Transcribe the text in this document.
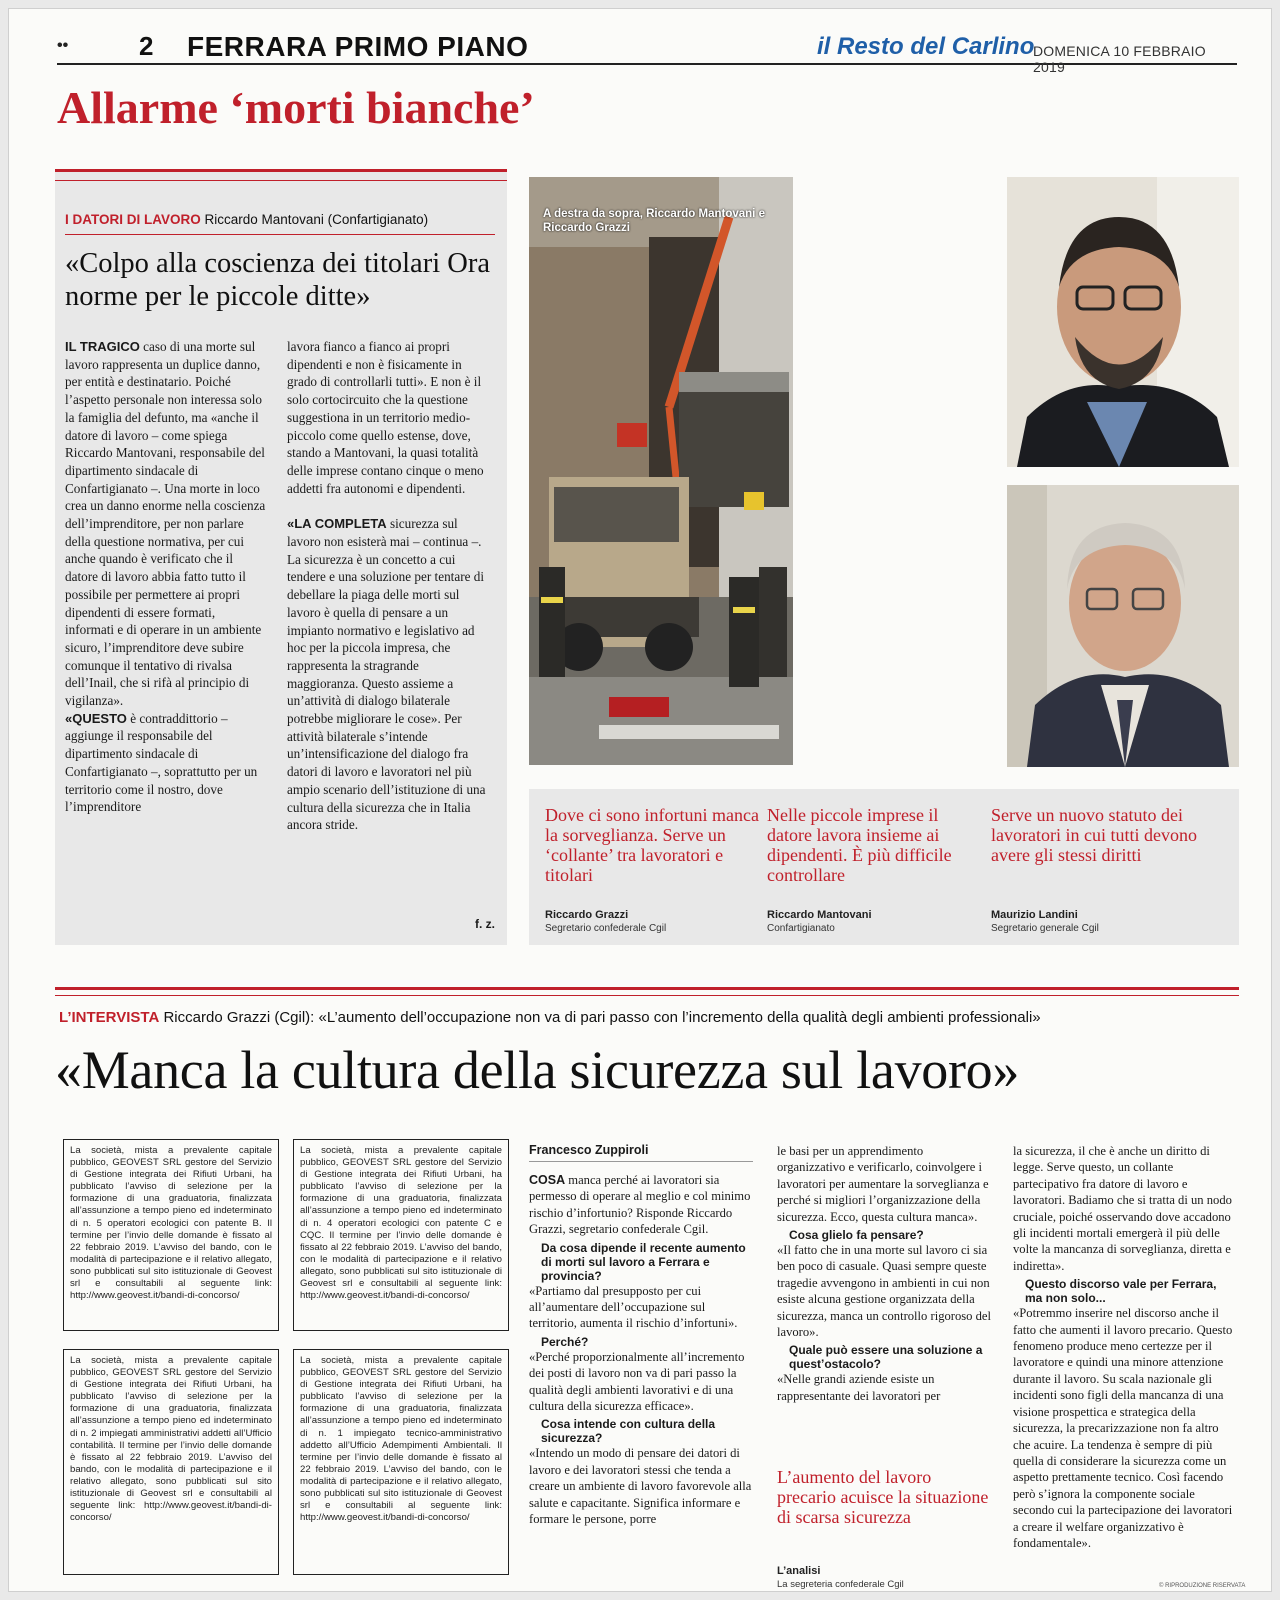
••	2 FERRARA PRIMO PIANO	il Resto del Carlino
DOMENICA 10 FEBBRAIO 2019
Allarme ‘morti bianche’
I DATORI DI LAVORO Riccardo Mantovani (Confartigianato)
«Colpo alla coscienza dei titolari Ora norme per le piccole ditte»

IL TRAGICO caso di una morte sul lavoro rappresenta un duplice danno, per entità e destinatario. Poiché l’aspetto personale non interessa solo la famiglia del defunto, ma «anche il datore di lavoro – come spiega Riccardo Mantovani, responsabile del dipartimento sindacale di Confartigianato –. Una morte in loco crea un danno enorme nella coscienza dell’imprenditore, per non parlare della questione normativa, per cui anche quando è verificato che il datore di lavoro abbia fatto tutto il possibile per permettere ai propri dipendenti di essere formati, informati e di operare in un ambiente sicuro, l’imprenditore deve subire comunque il tentativo di rivalsa dell’Inail, che si rifà al principio di vigilanza».

«QUESTO è contraddittorio – aggiunge il responsabile del dipartimento sindacale di Confartigianato –, soprattutto per un territorio come il nostro, dove l’imprenditore

lavora fianco a fianco ai propri dipendenti e non è fisicamente in grado di controllarli tutti». E non è il solo cortocircuito che la questione suggestiona in un territorio medio-piccolo come quello estense, dove, stando a Mantovani, la quasi totalità delle imprese contano cinque o meno addetti fra autonomi e dipendenti.

«LA COMPLETA sicurezza sul lavoro non esisterà mai – continua –. La sicurezza è un concetto a cui tendere e una soluzione per tentare di debellare la piaga delle morti sul lavoro è quella di pensare a un impianto normativo e legislativo ad hoc per la piccola impresa, che rappresenta la stragrande maggioranza. Questo assieme a un’attività di dialogo bilaterale potrebbe migliorare le cose». Per attività bilaterale s’intende un’intensificazione del dialogo fra datori di lavoro e lavoratori nel più ampio scenario dell’istituzione di una cultura della sicurezza che in Italia ancora stride.

f. z.
A destra da sopra, Riccardo Mantovani e Riccardo Grazzi
Dove ci sono infortuni manca la sorveglianza. Serve un ‘collante’ tra lavoratori e titolari
Riccardo Grazzi
Segretario confederale Cgil
Nelle piccole imprese il datore lavora insieme ai dipendenti. È più difficile controllare
Riccardo Mantovani
Confartigianato
Serve un nuovo statuto dei lavoratori in cui tutti devono avere gli stessi diritti
Maurizio Landini
Segretario generale Cgil
L’INTERVISTA Riccardo Grazzi (Cgil): «L’aumento dell’occupazione non va di pari passo con l’incremento della qualità degli ambienti professionali»
«Manca la cultura della sicurezza sul lavoro»
La società, mista a prevalente capitale pubblico, GEOVEST SRL gestore del Servizio di Gestione integrata dei Rifiuti Urbani, ha pubblicato l’avviso di selezione per la formazione di una graduatoria, finalizzata all’assunzione a tempo pieno ed indeterminato di n. 5 operatori ecologici con patente B. Il termine per l’invio delle domande è fissato al 22 febbraio 2019. L’avviso del bando, con le modalità di partecipazione e il relativo allegato, sono pubblicati sul sito istituzionale di Geovest srl e consultabili al seguente link: http://www.geovest.it/bandi-di-concorso/
La società, mista a prevalente capitale pubblico, GEOVEST SRL gestore del Servizio di Gestione integrata dei Rifiuti Urbani, ha pubblicato l’avviso di selezione per la formazione di una graduatoria, finalizzata all’assunzione a tempo pieno ed indeterminato di n. 4 operatori ecologici con patente C e CQC. Il termine per l’invio delle domande è fissato al 22 febbraio 2019. L’avviso del bando, con le modalità di partecipazione e il relativo allegato, sono pubblicati sul sito istituzionale di Geovest srl e consultabili al seguente link: http://www.geovest.it/bandi-di-concorso/
La società, mista a prevalente capitale pubblico, GEOVEST SRL gestore del Servizio di Gestione integrata dei Rifiuti Urbani, ha pubblicato l’avviso di selezione per la formazione di una graduatoria, finalizzata all’assunzione a tempo pieno ed indeterminato di n. 2 impiegati amministrativi addetti all’Ufficio contabilità. Il termine per l’invio delle domande è fissato al 22 febbraio 2019. L’avviso del bando, con le modalità di partecipazione e il relativo allegato, sono pubblicati sul sito istituzionale di Geovest srl e consultabili al seguente link: http://www.geovest.it/bandi-di-concorso/
La società, mista a prevalente capitale pubblico, GEOVEST SRL gestore del Servizio di Gestione integrata dei Rifiuti Urbani, ha pubblicato l’avviso di selezione per la formazione di una graduatoria, finalizzata all’assunzione a tempo pieno ed indeterminato di n. 1 impiegato tecnico-amministrativo addetto all’Ufficio Adempimenti Ambientali. Il termine per l’invio delle domande è fissato al 22 febbraio 2019. L’avviso del bando, con le modalità di partecipazione e il relativo allegato, sono pubblicati sul sito istituzionale di Geovest srl e consultabili al seguente link: http://www.geovest.it/bandi-di-concorso/
Francesco Zuppiroli

COSA manca perché ai lavoratori sia permesso di operare al meglio e col minimo rischio d’infortunio? Risponde Riccardo Grazzi, segretario confederale Cgil.

Da cosa dipende il recente aumento di morti sul lavoro a Ferrara e provincia?

«Partiamo dal presupposto per cui all’aumentare dell’occupazione sul territorio, aumenta il rischio d’infortuni».

Perché?

«Perché proporzionalmente all’incremento dei posti di lavoro non va di pari passo la qualità degli ambienti lavorativi e di una cultura della sicurezza efficace».

Cosa intende con cultura della sicurezza?

«Intendo un modo di pensare dei datori di lavoro e dei lavoratori stessi che tenda a creare un ambiente di lavoro favorevole alla salute e capacitante. Significa informare e formare le persone, porre

le basi per un apprendimento organizzativo e verificarlo, coinvolgere i lavoratori per aumentare la sorveglianza e perché si migliori l’organizzazione della sicurezza. Ecco, questa cultura manca».

Cosa glielo fa pensare?

«Il fatto che in una morte sul lavoro ci sia ben poco di casuale. Quasi sempre queste tragedie avvengono in ambienti in cui non esiste alcuna gestione organizzata della sicurezza, manca un controllo rigoroso del lavoro».

Quale può essere una soluzione a quest’ostacolo?

«Nelle grandi aziende esiste un rappresentante dei lavoratori per

L’aumento del lavoro precario acuisce la situazione di scarsa sicurezza
L’analisi
La segreteria confederale Cgil

la sicurezza, il che è anche un diritto di legge. Serve questo, un collante partecipativo fra datore di lavoro e lavoratori. Badiamo che si tratta di un nodo cruciale, poiché osservando dove accadono gli incidenti mortali emergerà il più delle volte la mancanza di sorveglianza, diretta e indiretta».

Questo discorso vale per Ferrara, ma non solo...

«Potremmo inserire nel discorso anche il fatto che aumenti il lavoro precario. Questo fenomeno produce meno certezze per il lavoratore e quindi una minore attenzione durante il lavoro. Su scala nazionale gli incidenti sono figli della mancanza di una visione prospettica e strategica della sicurezza, la precarizzazione non fa altro che acuire. La tendenza è sempre di più quella di considerare la sicurezza come un aspetto prettamente tecnico. Così facendo però s’ignora la componente sociale secondo cui la partecipazione dei lavoratori a creare il welfare organizzativo è fondamentale».

© RIPRODUZIONE RISERVATA
